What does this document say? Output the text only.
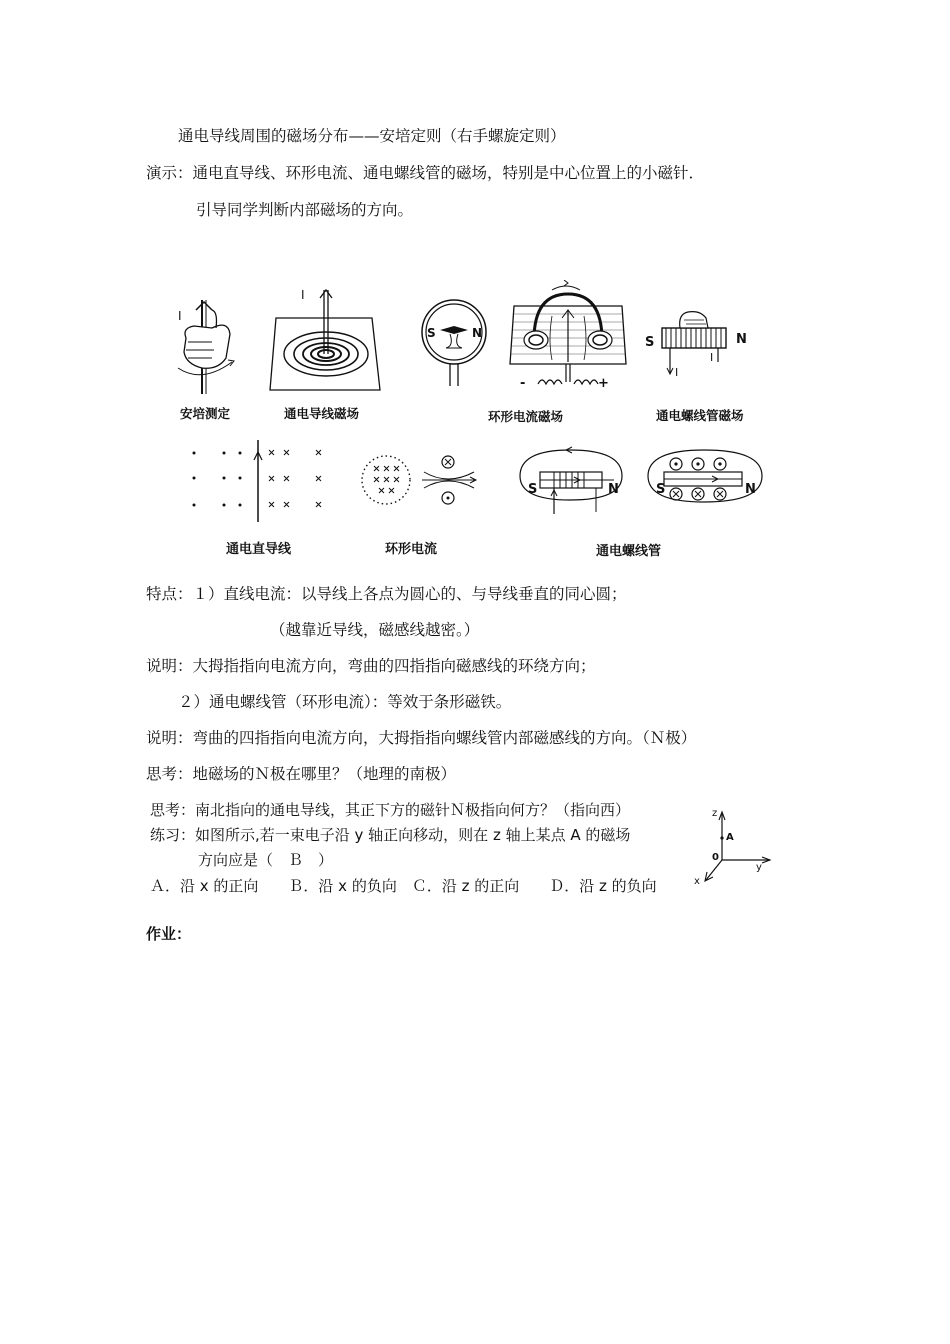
通电导线周围的磁场分布——安培定则（右手螺旋定则）
演示：通电直导线、环形电流、通电螺线管的磁场，特别是中心位置上的小磁针．
引导同学判断内部磁场的方向。
I
I
S	N
-	+
S	N
I
I
安培测定	通电导线磁场	环形电流磁场	通电螺线管磁场
S	N	S	N
通电直导线	环形电流	通电螺线管
特点：１）直线电流：以导线上各点为圆心的、与导线垂直的同心圆；
（越靠近导线，磁感线越密。）
说明：大拇指指向电流方向，弯曲的四指指向磁感线的环绕方向；
２）通电螺线管（环形电流）：等效于条形磁铁。
说明：弯曲的四指指向电流方向，大拇指指向螺线管内部磁感线的方向。（Ｎ极）
思考：地磁场的Ｎ极在哪里？（地理的南极）
思考：南北指向的通电导线，其正下方的磁针Ｎ极指向何方？（指向西）
练习：如图所示,若一束电子沿 y 轴正向移动，则在 z 轴上某点 A 的磁场
方向应是（　Ｂ　）
Ａ．沿 x 的正向　　Ｂ．沿 x 的负向　Ｃ．沿 z 的正向　　Ｄ．沿 z 的负向
z
A
0
y
x
作业：
